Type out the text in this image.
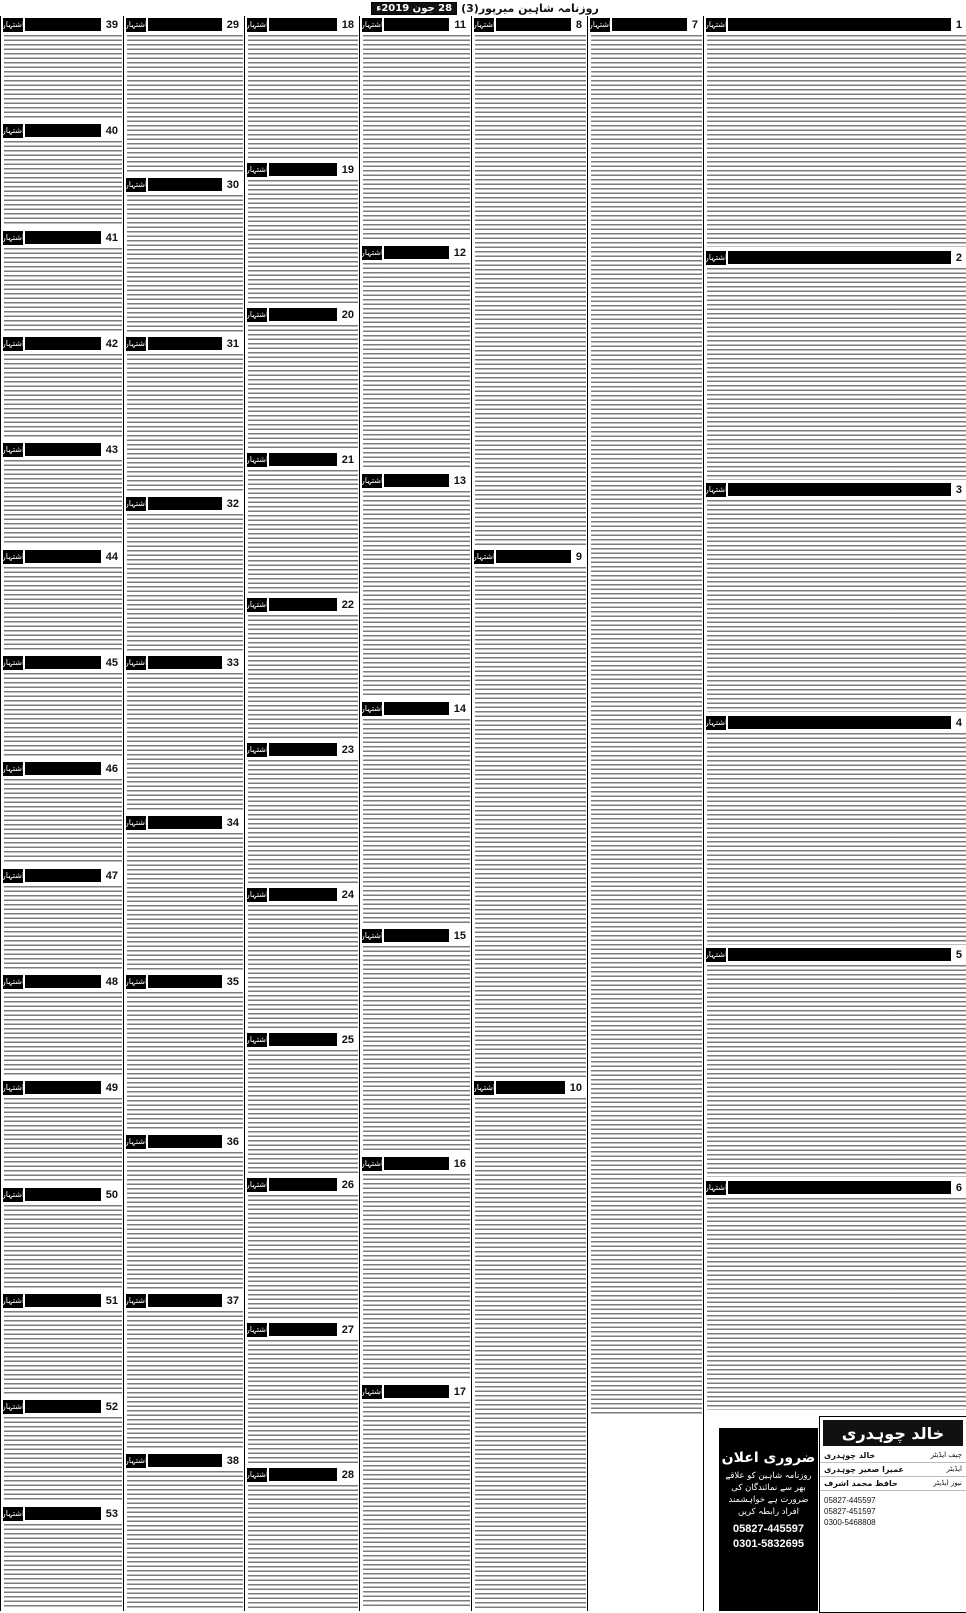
روزنامہ شاہین میرپور
(3)
28 جون 2019ء
اشتہار	39
اشتہار	40
اشتہار	41
اشتہار	42
اشتہار	43
اشتہار	44
اشتہار	45
اشتہار	46
اشتہار	47
اشتہار	48
اشتہار	49
اشتہار	50
اشتہار	51
اشتہار	52
اشتہار	53
اشتہار	29
اشتہار	30
اشتہار	31
اشتہار	32
اشتہار	33
اشتہار	34
اشتہار	35
اشتہار	36
اشتہار	37
اشتہار	38
اشتہار	18
اشتہار	19
اشتہار	20
اشتہار	21
اشتہار	22
اشتہار	23
اشتہار	24
اشتہار	25
اشتہار	26
اشتہار	27
اشتہار	28
اشتہار	11
اشتہار	12
اشتہار	13
اشتہار	14
اشتہار	15
اشتہار	16
اشتہار	17
اشتہار	8
اشتہار	9
اشتہار	10
اشتہار	7 اشتہار	1
اشتہار	2
اشتہار	3
اشتہار	4
اشتہار	5
اشتہار	6
ضروری اعلان
روزنامہ شاہین کو علاقے بھر سے نمائندگان کی ضرورت ہے خواہشمند افراد رابطہ کریں
05827-445597
0301-5832695
خالد چوہدری
چیف ایڈیٹر
خالد چوہدری
ایڈیٹر
عمیرا صغیر چوہدری
نیوز ایڈیٹر
حافظ محمد اشرف
05827-445597
05827-451597
0300-5468808
